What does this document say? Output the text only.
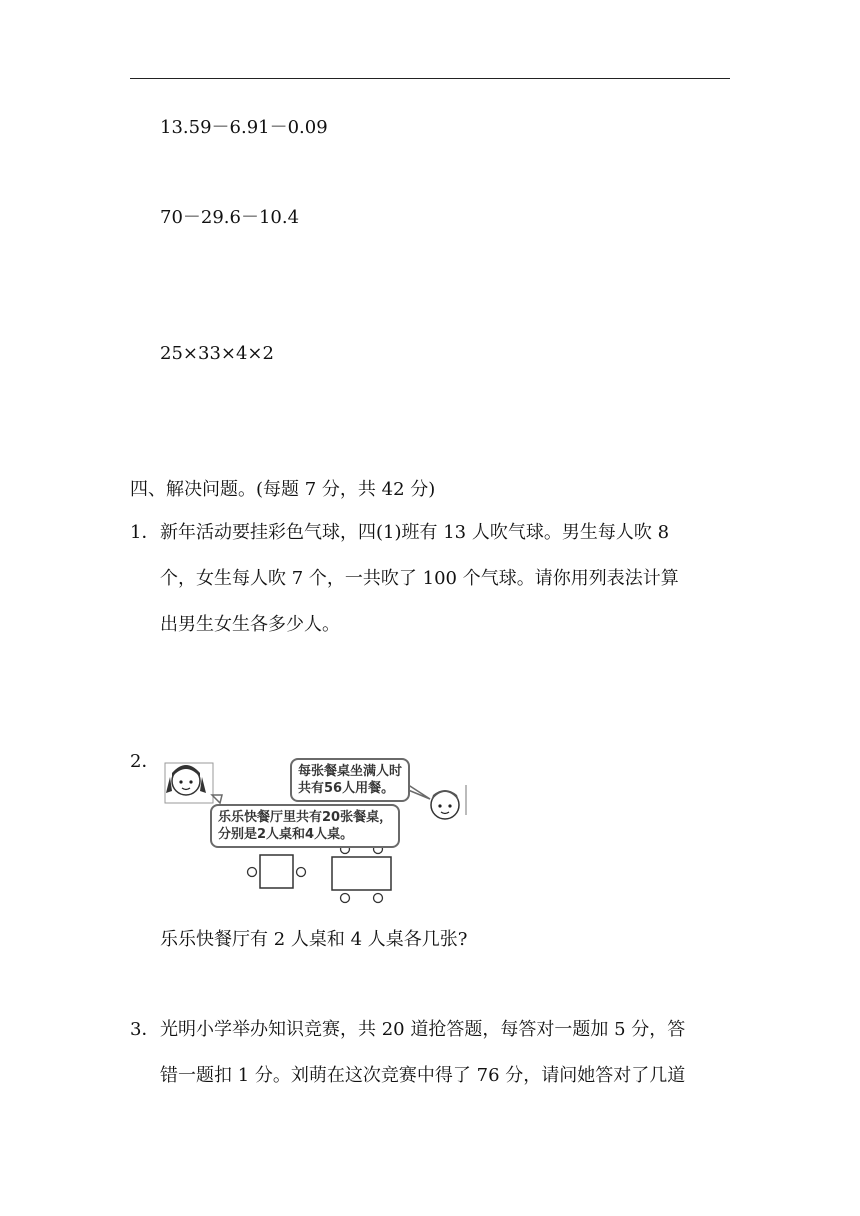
13.59－6.91－0.09
70－29.6－10.4
25×33×4×2
四、解决问题。(每题 7 分，共 42 分)
1．新年活动要挂彩色气球，四(1)班有 13 人吹气球。男生每人吹 8
个，女生每人吹 7 个，一共吹了 100 个气球。请你用列表法计算
出男生女生各多少人。
2．	每张餐桌坐满人时
共有56人用餐。
乐乐快餐厅里共有20张餐桌，
分别是2人桌和4人桌。
乐乐快餐厅有 2 人桌和 4 人桌各几张?
3．光明小学举办知识竞赛，共 20 道抢答题，每答对一题加 5 分，答
错一题扣 1 分。刘萌在这次竞赛中得了 76 分，请问她答对了几道
